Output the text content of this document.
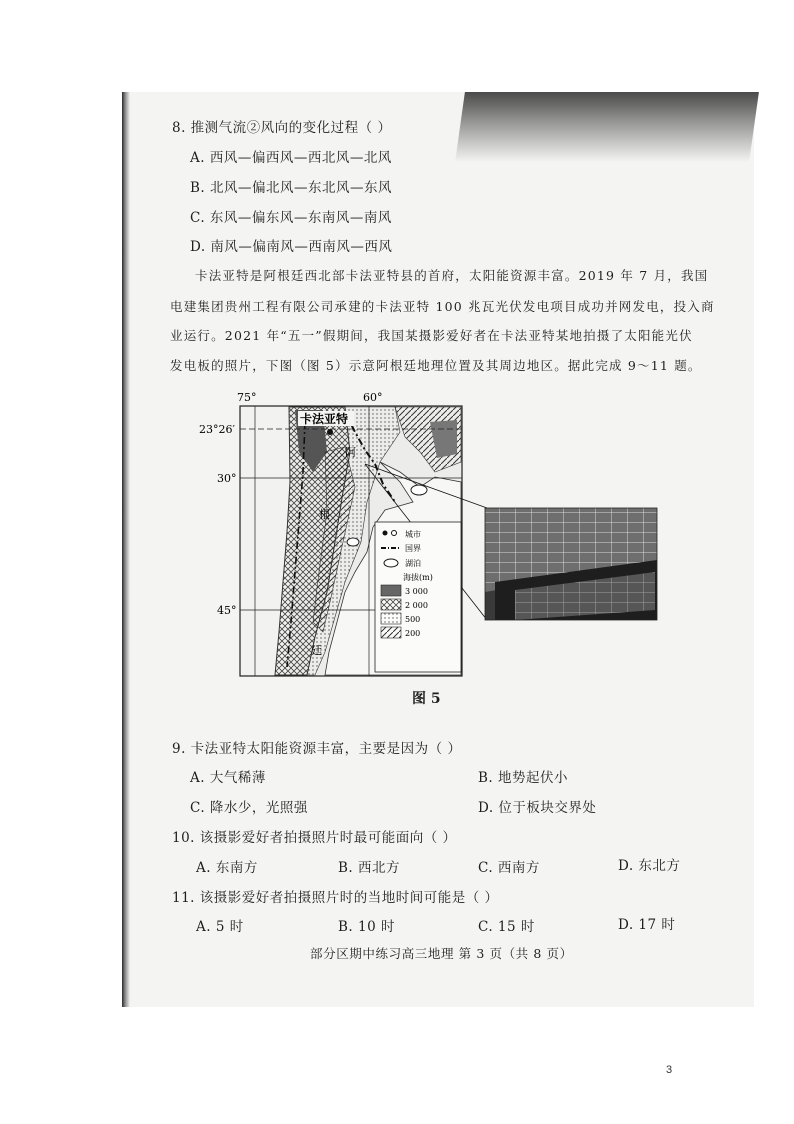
8. 推测气流②风向的变化过程（ ）
A. 西风—偏西风—西北风—北风
B. 北风—偏北风—东北风—东风
C. 东风—偏东风—东南风—南风
D. 南风—偏南风—西南风—西风
卡法亚特是阿根廷西北部卡法亚特县的首府，太阳能资源丰富。2019 年 7 月，我国
电建集团贵州工程有限公司承建的卡法亚特 100 兆瓦光伏发电项目成功并网发电，投入商
业运行。2021 年“五一”假期间，我国某摄影爱好者在卡法亚特某地拍摄了太阳能光伏
发电板的照片，下图（图 5）示意阿根廷地理位置及其周边地区。据此完成 9～11 题。
75°	60°
23°26′
30°
45°
卡法亚特
阿
根
廷
城市
国界
湖泊
海拔(m)
3 000
2 000
500
200
图 5
9. 卡法亚特太阳能资源丰富，主要是因为（ ）
A. 大气稀薄	B. 地势起伏小
C. 降水少，光照强	D. 位于板块交界处
10. 该摄影爱好者拍摄照片时最可能面向（ ）
A. 东南方	B. 西北方	C. 西南方	D. 东北方
11. 该摄影爱好者拍摄照片时的当地时间可能是（ ）
A. 5 时	B. 10 时	C. 15 时	D. 17 时
部分区期中练习高三地理 第 3 页（共 8 页）
3
